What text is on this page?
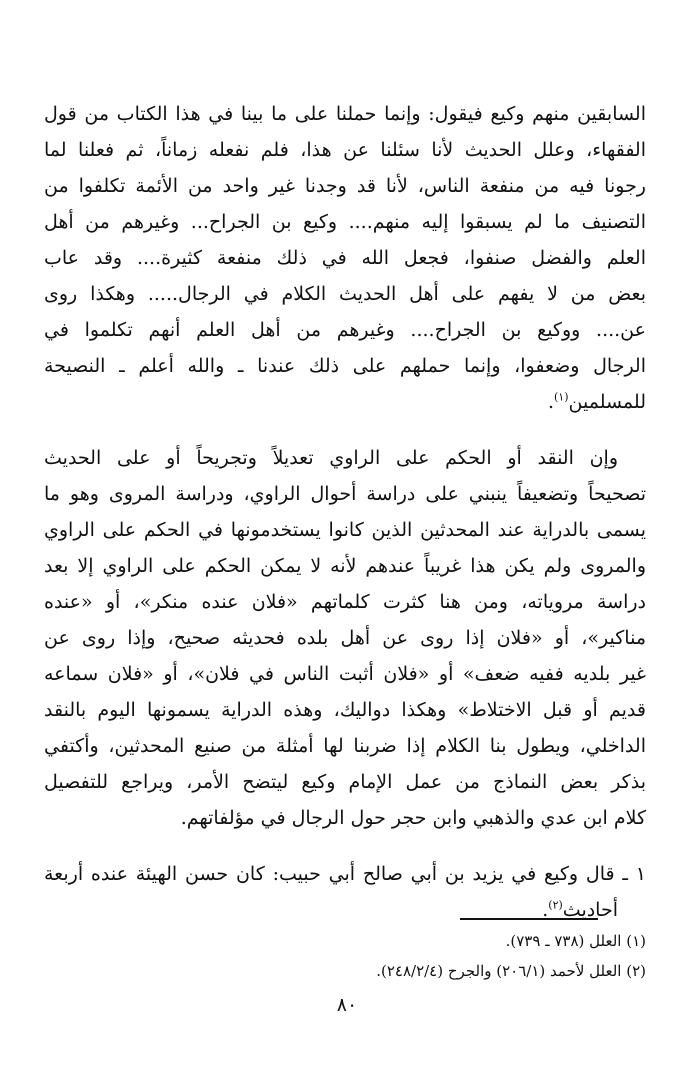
السابقين منهم وكيع فيقول: وإنما حملنا على ما بينا في هذا الكتاب من قول
الفقهاء، وعلل الحديث لأنا سئلنا عن هذا، فلم نفعله زماناً، ثم فعلنا لما
رجونا فيه من منفعة الناس، لأنا قد وجدنا غير واحد من الأئمة تكلفوا من
التصنيف ما لم يسبقوا إليه منهم.... وكيع بن الجراح... وغيرهم من أهل
العلم والفضل صنفوا، فجعل الله في ذلك منفعة كثيرة.... وقد عاب
بعض من لا يفهم على أهل الحديث الكلام في الرجال..... وهكذا روى
عن.... ووكيع بن الجراح.... وغيرهم من أهل العلم أنهم تكلموا في
الرجال وضعفوا، وإنما حملهم على ذلك عندنا ـ والله أعلم ـ النصيحة
للمسلمين$^{(١)}$.
وإن النقد أو الحكم على الراوي تعديلاً وتجريحاً أو على الحديث
تصحيحاً وتضعيفاً ينبني على دراسة أحوال الراوي، ودراسة المروى وهو ما
يسمى بالدراية عند المحدثين الذين كانوا يستخدمونها في الحكم على الراوي
والمروى ولم يكن هذا غريباً عندهم لأنه لا يمكن الحكم على الراوي إلا بعد
دراسة مروياته، ومن هنا كثرت كلماتهم «فلان عنده منكر»، أو «عنده
مناكير»، أو «فلان إذا روى عن أهل بلده فحديثه صحيح، وإذا روى عن
غير بلديه ففيه ضعف» أو «فلان أثبت الناس في فلان»، أو «فلان سماعه
قديم أو قبل الاختلاط» وهكذا دواليك، وهذه الدراية يسمونها اليوم بالنقد
الداخلي، ويطول بنا الكلام إذا ضربنا لها أمثلة من صنيع المحدثين، وأكتفي
بذكر بعض النماذج من عمل الإمام وكيع ليتضح الأمر، ويراجع للتفصيل
كلام ابن عدي والذهبي وابن حجر حول الرجال في مؤلفاتهم.
١ ـ قال وكيع في يزيد بن أبي صالح أبي حبيب: كان حسن الهيئة عنده أربعة
أحاديث$^{(٢)}$.
(١) العلل (٧٣٨ ـ ٧٣٩).
(٢) العلل لأحمد (٢٠٦/١) والجرح (٢٤٨/٢/٤).
٨٠
